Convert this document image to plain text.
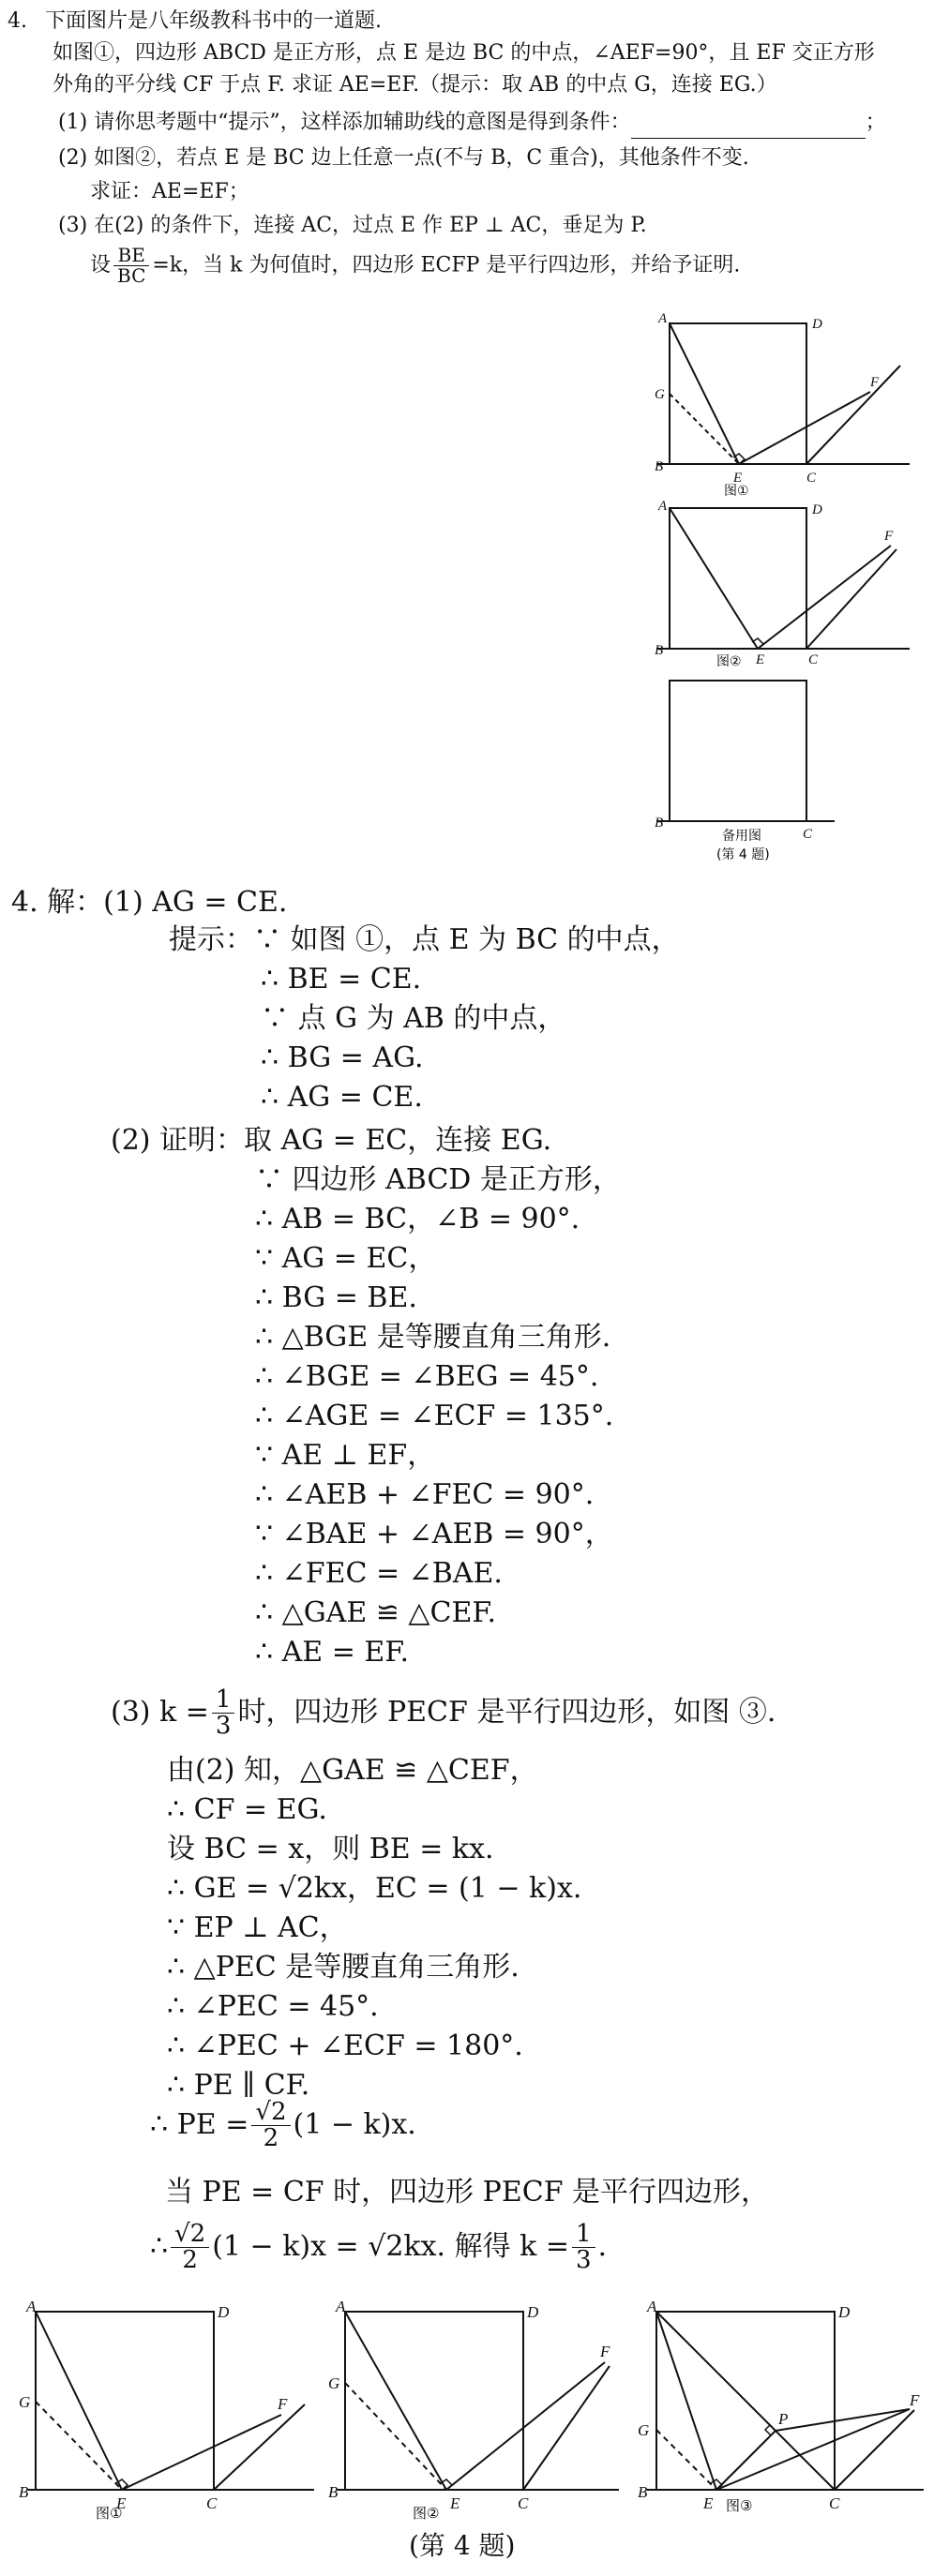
4. 下面图片是八年级教科书中的一道题.
如图①，四边形 ABCD 是正方形，点 E 是边 BC 的中点，∠AEF=90°，且 EF 交正方形
外角的平分线 CF 于点 F. 求证 AE=EF.（提示：取 AB 的中点 G，连接 EG.）
(1) 请你思考题中“提示”，这样添加辅助线的意图是得到条件：	；
(2) 如图②，若点 E 是 BC 边上任意一点(不与 B，C 重合)，其他条件不变.
求证：AE=EF；
(3) 在(2) 的条件下，连接 AC，过点 E 作 EP ⊥ AC，垂足为 P.
设 $\frac{BE}{BC} =k$，当 k 为何值时，四边形 ECFP 是平行四边形，并给予证明.
A	D
G
B
E	C
F
图①
A	D
B
E	C
F
图②
B
C
备用图
(第 4 题)
4. 解：(1) AG = CE.
提示：∵ 如图 ①，点 E 为 BC 的中点，
∴ BE = CE.
∵ 点 G 为 AB 的中点，
∴ BG = AG.
∴ AG = CE.
(2) 证明：取 AG = EC，连接 EG.
∵ 四边形 ABCD 是正方形，
∴ AB = BC，∠B = 90°.
∵ AG = EC，
∴ BG = BE.
∴ △BGE 是等腰直角三角形.
∴ ∠BGE = ∠BEG = 45°.
∴ ∠AGE = ∠ECF = 135°.
∵ AE ⊥ EF，
∴ ∠AEB + ∠FEC = 90°.
∵ ∠BAE + ∠AEB = 90°，
∴ ∠FEC = ∠BAE.
∴ △GAE ≌ △CEF.
∴ AE = EF.
(3) $k = \frac{1}{3}$ 时，四边形 PECF 是平行四边形，如图 ③.
由(2) 知，△GAE ≌ △CEF，
∴ CF = EG.
设 BC = x，则 BE = kx.
∴ GE = √2kx，EC = (1 − k)x.
∵ EP ⊥ AC，
∴ △PEC 是等腰直角三角形.
∴ ∠PEC = 45°.
∴ ∠PEC + ∠ECF = 180°.
∴ PE ∥ CF.
∴ PE = $\frac{√2}{2} (1 - k)x$.
当 PE = CF 时，四边形 PECF 是平行四边形，
∴ $\frac{√2}{2} (1 - k)x = √2kx$. 解得 $k = \frac{1}{3}$ .
A	D
G
B
E	C
F
图①
A	D
G
B
E	C
F
图②
A	D
G
B
E	C
P
F
图③
(第 4 题)
